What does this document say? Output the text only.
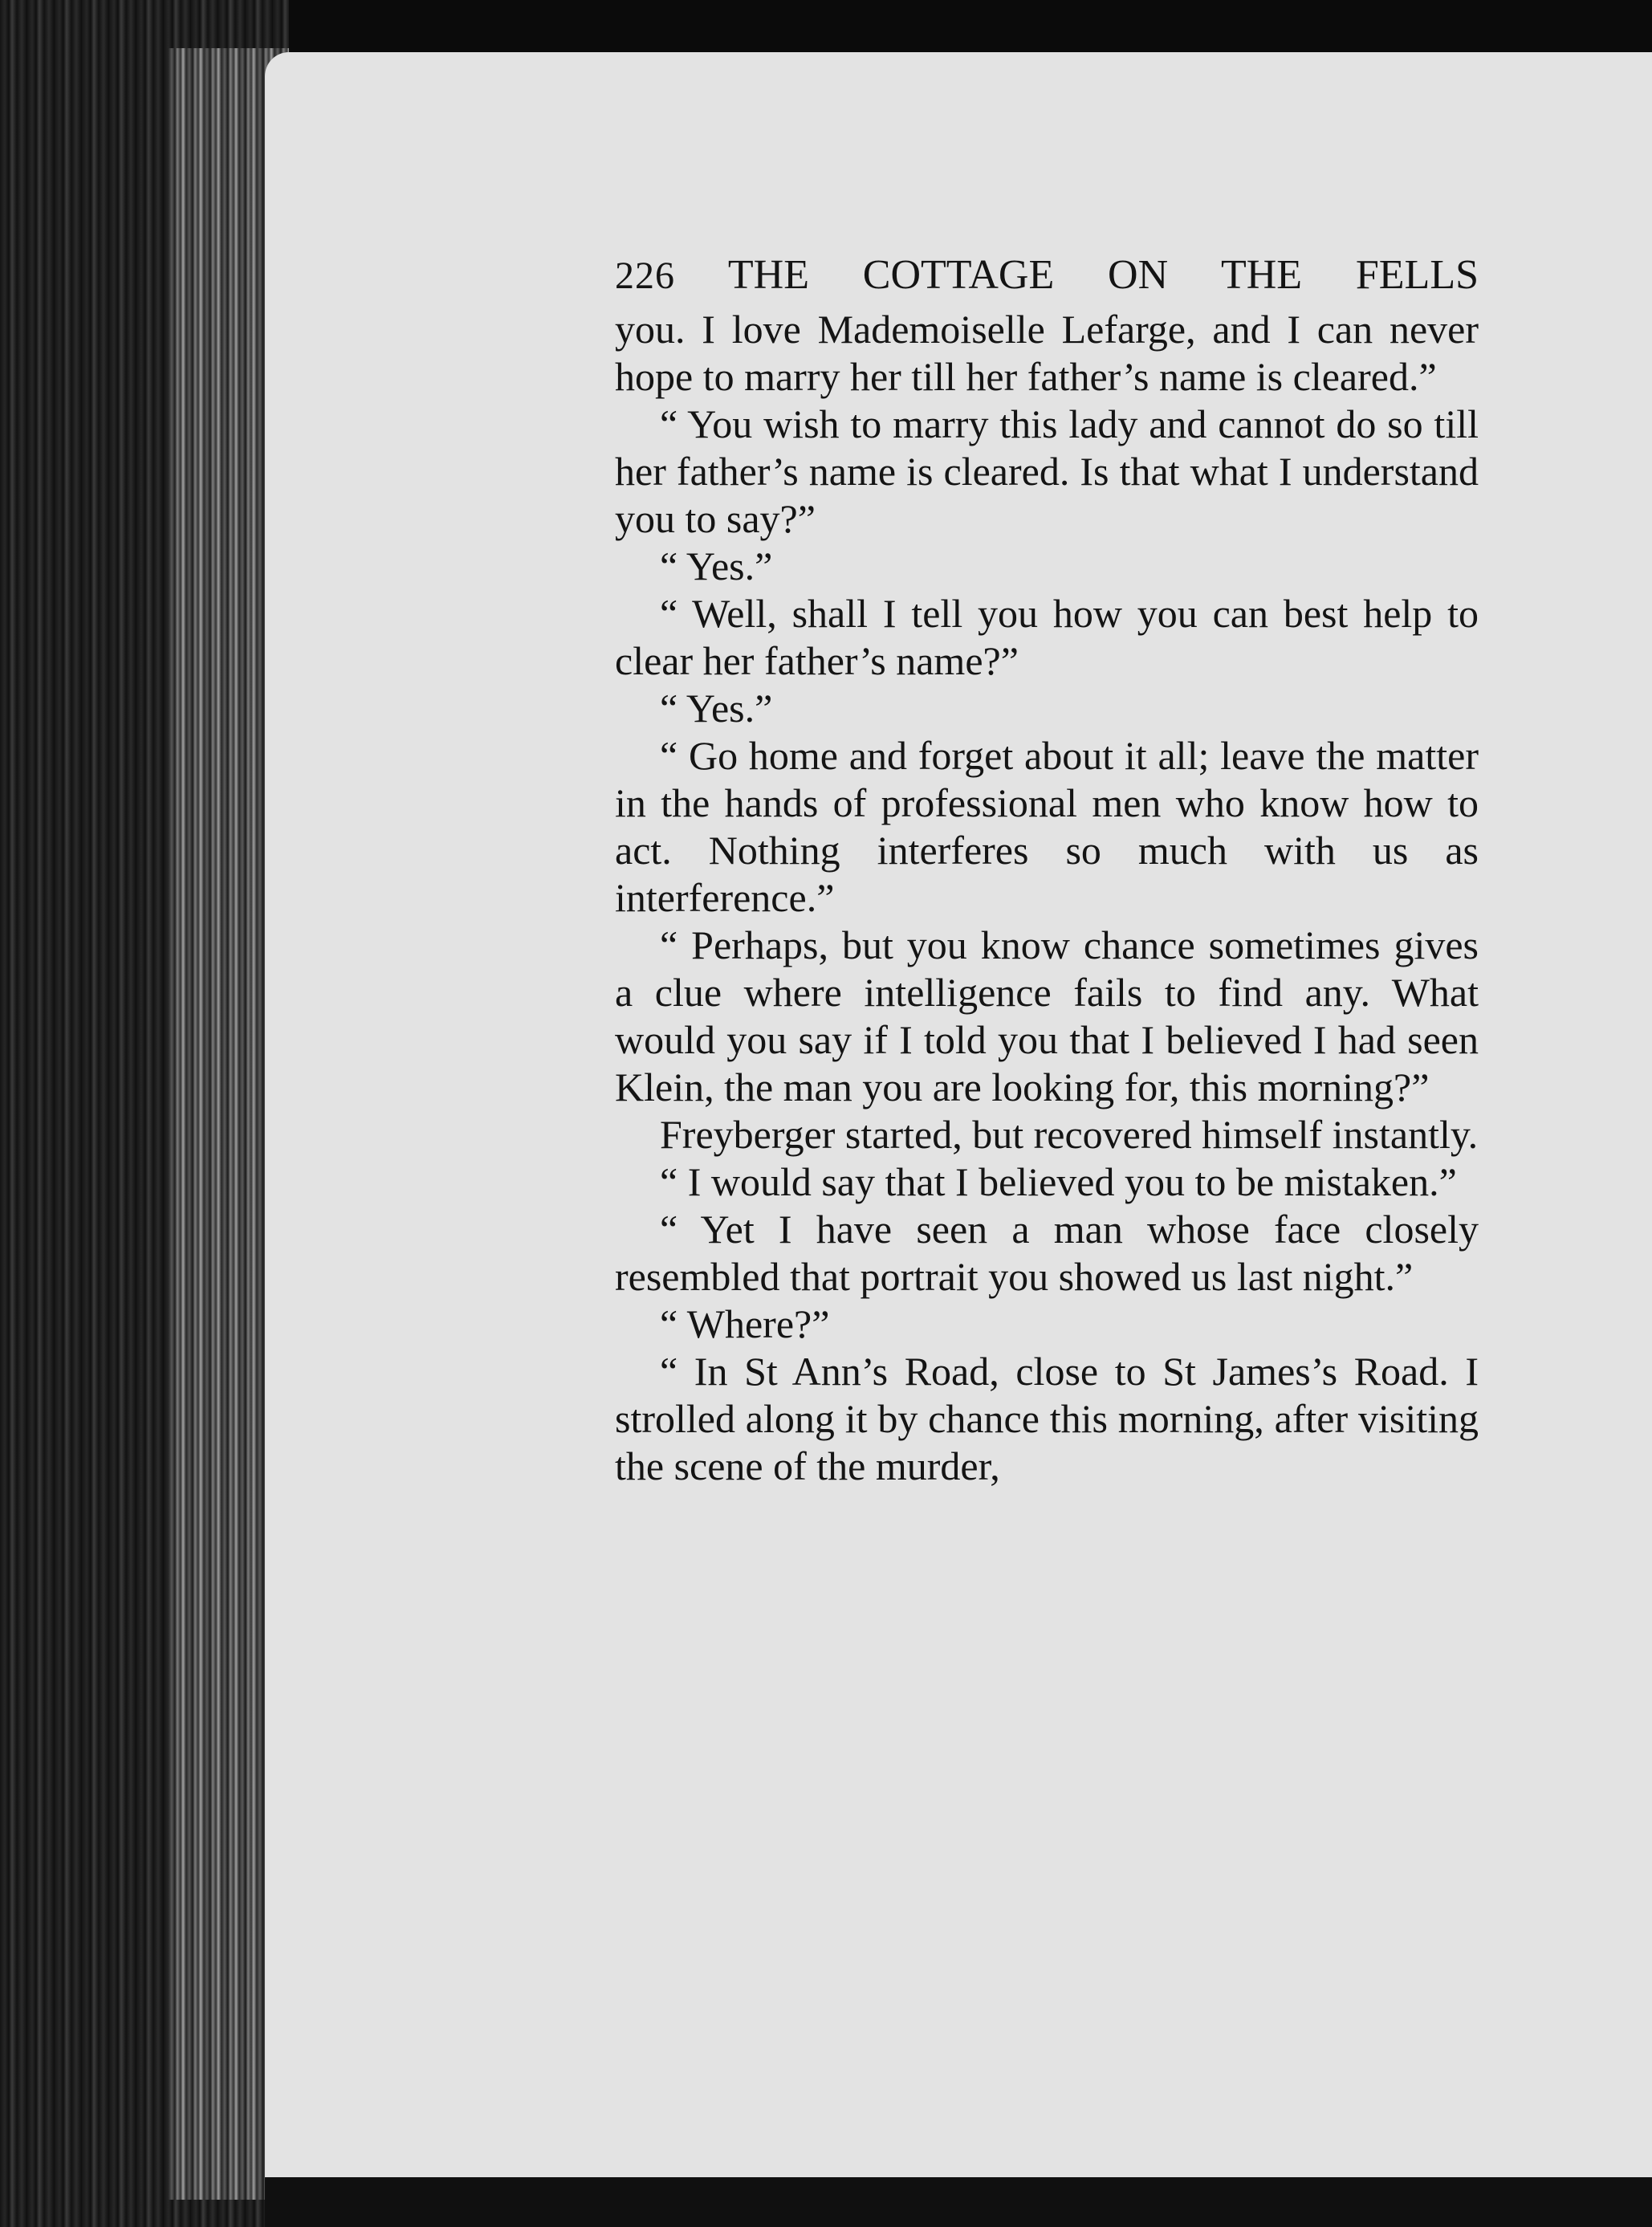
226 THE COTTAGE ON THE FELLS

you. I love Mademoiselle Lefarge, and I can never hope to marry her till her father’s name is cleared.”

“ You wish to marry this lady and cannot do so till her father’s name is cleared. Is that what I understand you to say?”

“ Yes.”

“ Well, shall I tell you how you can best help to clear her father’s name?”

“ Yes.”

“ Go home and forget about it all; leave the matter in the hands of professional men who know how to act. Nothing interferes so much with us as interference.”

“ Perhaps, but you know chance sometimes gives a clue where intelligence fails to find any. What would you say if I told you that I believed I had seen Klein, the man you are looking for, this morning?”

Freyberger started, but recovered himself instantly.

“ I would say that I believed you to be mistaken.”

“ Yet I have seen a man whose face closely resembled that portrait you showed us last night.”

“ Where?”

“ In St Ann’s Road, close to St James’s Road. I strolled along it by chance this morning, after visiting the scene of the murder,
